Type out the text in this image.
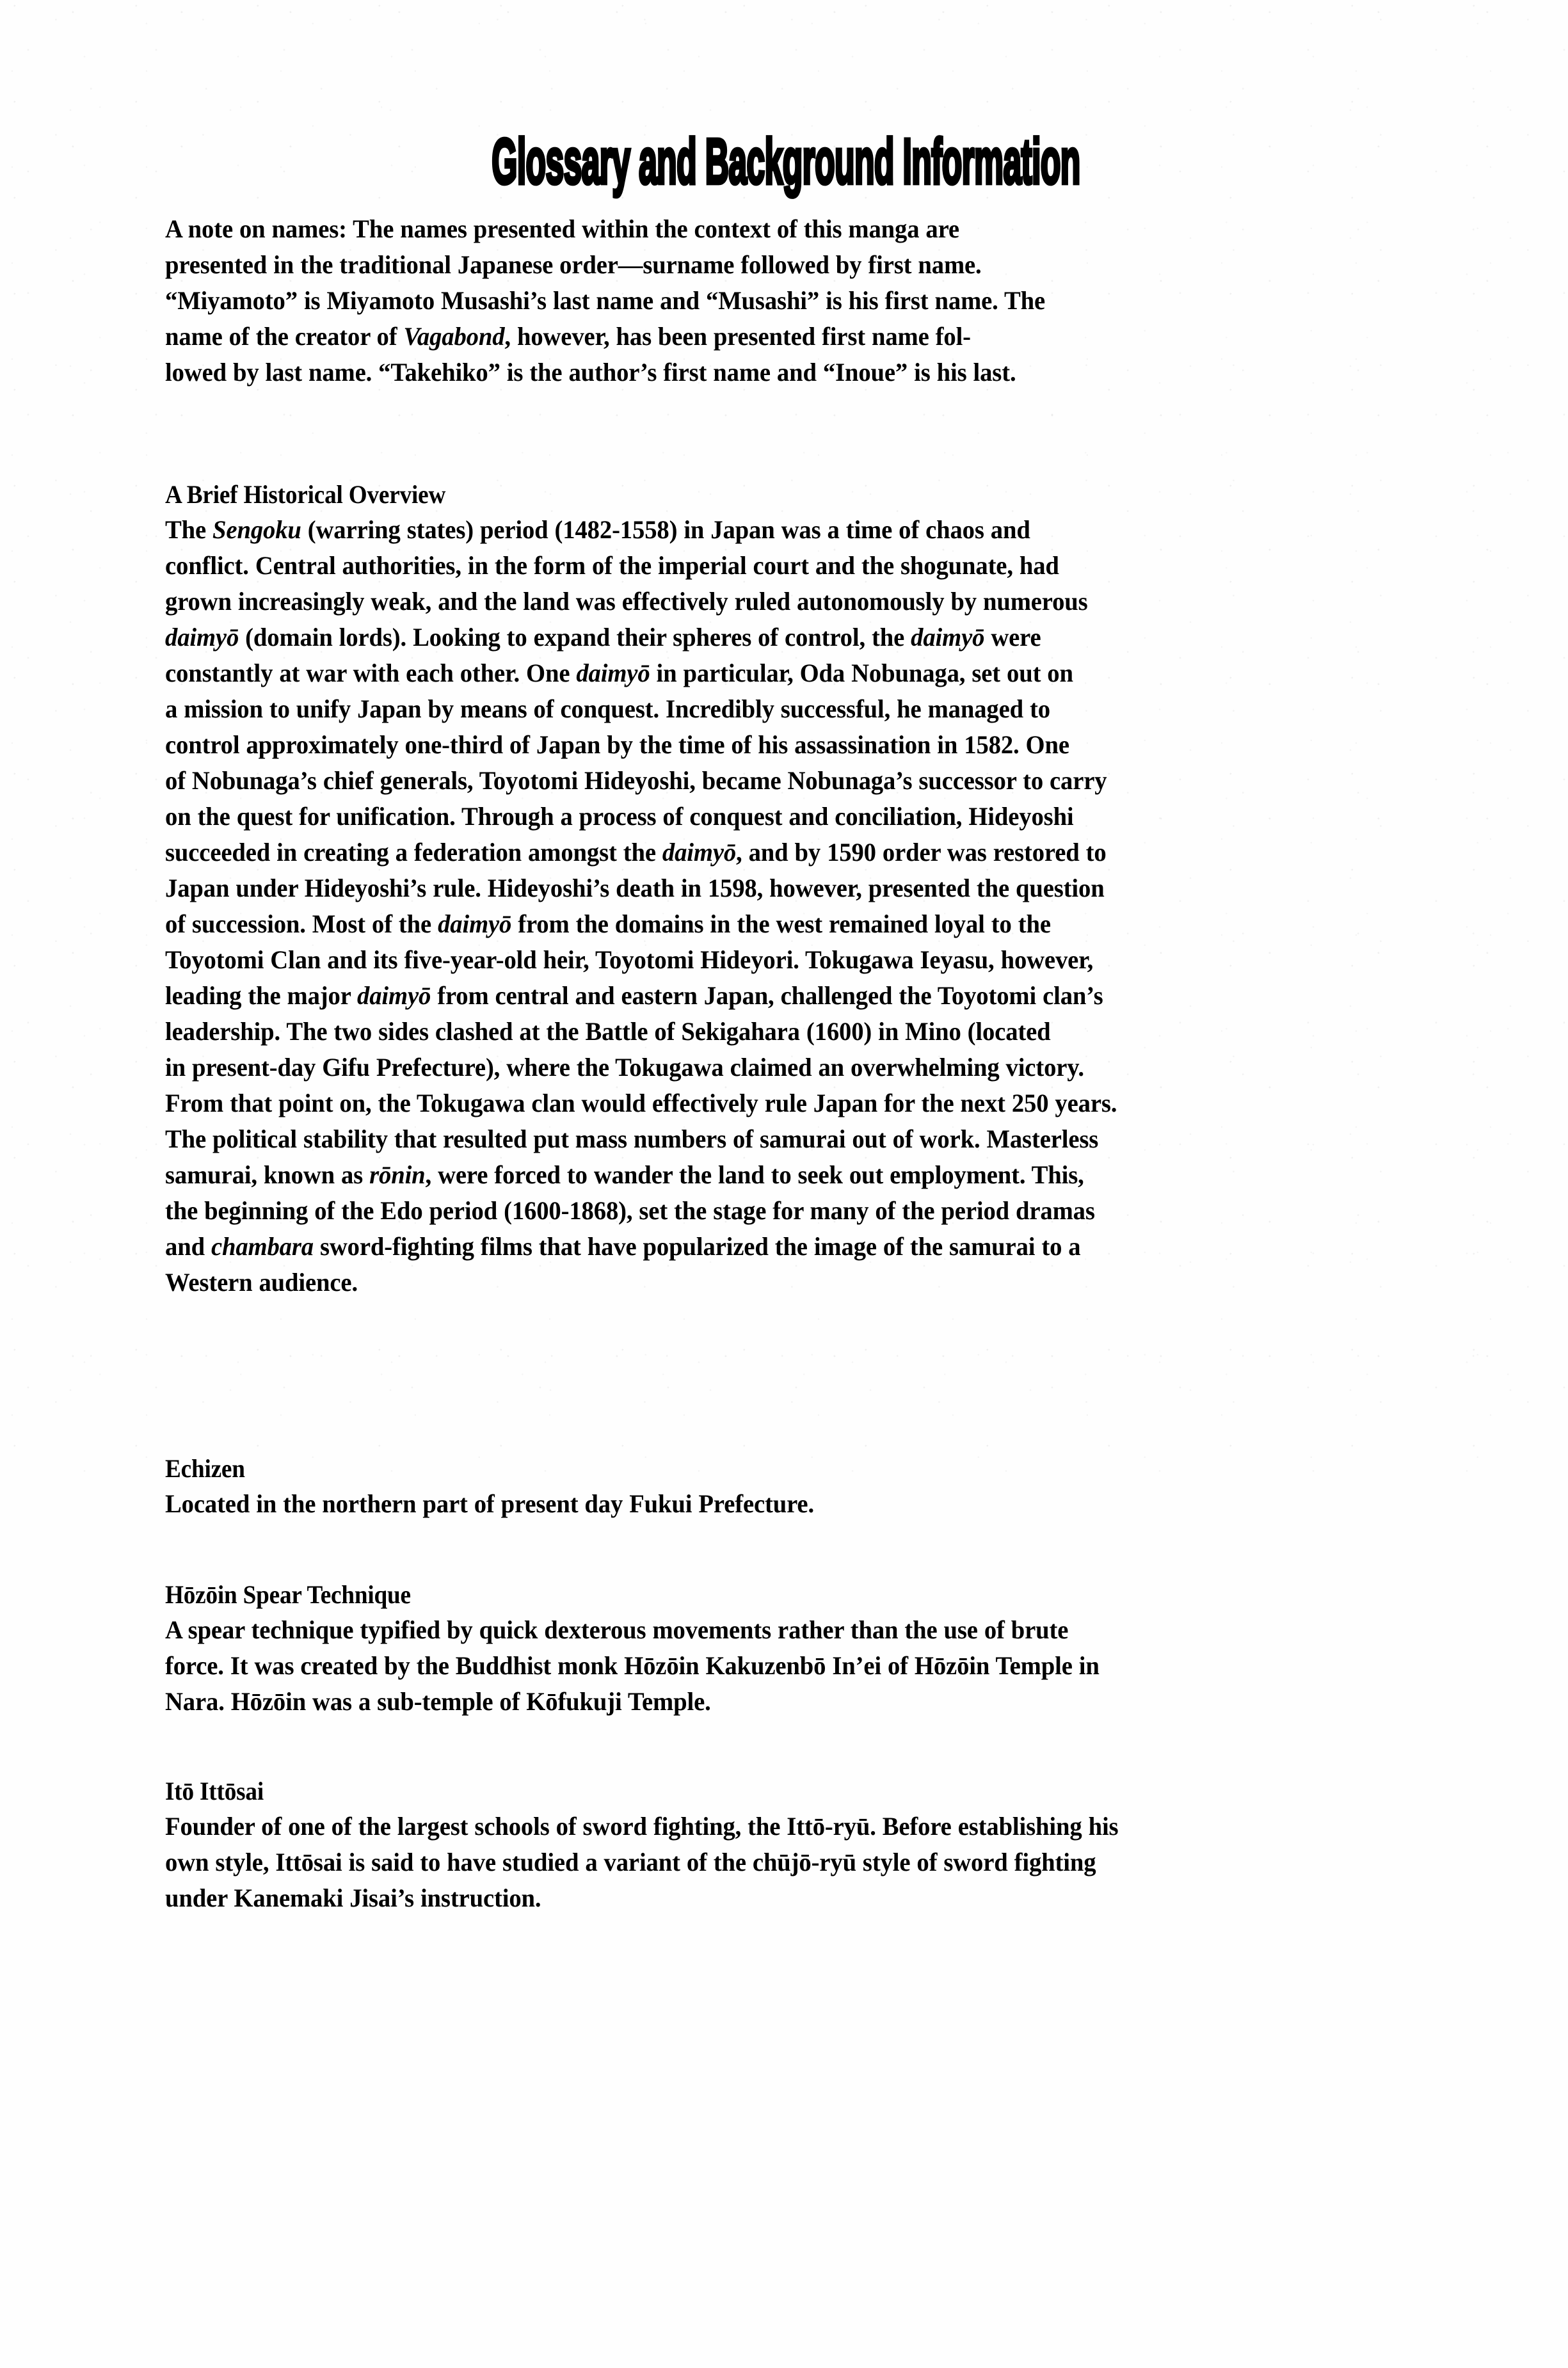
Glossary and Background Information
A note on names: The names presented within the context of this manga are
presented in the traditional Japanese order—surname followed by first name.
“Miyamoto” is Miyamoto Musashi’s last name and “Musashi” is his first name. The
name of the creator of Vagabond, however, has been presented first name fol-
lowed by last name. “Takehiko” is the author’s first name and “Inoue” is his last.
A Brief Historical Overview
The Sengoku (warring states) period (1482-1558) in Japan was a time of chaos and
conflict. Central authorities, in the form of the imperial court and the shogunate, had
grown increasingly weak, and the land was effectively ruled autonomously by numerous
daimyō (domain lords). Looking to expand their spheres of control, the daimyō were
constantly at war with each other. One daimyō in particular, Oda Nobunaga, set out on
a mission to unify Japan by means of conquest. Incredibly successful, he managed to
control approximately one-third of Japan by the time of his assassination in 1582. One
of Nobunaga’s chief generals, Toyotomi Hideyoshi, became Nobunaga’s successor to carry
on the quest for unification. Through a process of conquest and conciliation, Hideyoshi
succeeded in creating a federation amongst the daimyō, and by 1590 order was restored to
Japan under Hideyoshi’s rule. Hideyoshi’s death in 1598, however, presented the question
of succession. Most of the daimyō from the domains in the west remained loyal to the
Toyotomi Clan and its five-year-old heir, Toyotomi Hideyori. Tokugawa Ieyasu, however,
leading the major daimyō from central and eastern Japan, challenged the Toyotomi clan’s
leadership. The two sides clashed at the Battle of Sekigahara (1600) in Mino (located
in present-day Gifu Prefecture), where the Tokugawa claimed an overwhelming victory.
From that point on, the Tokugawa clan would effectively rule Japan for the next 250 years.
The political stability that resulted put mass numbers of samurai out of work. Masterless
samurai, known as rōnin, were forced to wander the land to seek out employment. This,
the beginning of the Edo period (1600-1868), set the stage for many of the period dramas
and chambara sword-fighting films that have popularized the image of the samurai to a
Western audience.
Echizen
Located in the northern part of present day Fukui Prefecture.
Hōzōin Spear Technique
A spear technique typified by quick dexterous movements rather than the use of brute
force. It was created by the Buddhist monk Hōzōin Kakuzenbō In’ei of Hōzōin Temple in
Nara. Hōzōin was a sub-temple of Kōfukuji Temple.
Itō Ittōsai
Founder of one of the largest schools of sword fighting, the Ittō-ryū. Before establishing his
own style, Ittōsai is said to have studied a variant of the chūjō-ryū style of sword fighting
under Kanemaki Jisai’s instruction.
